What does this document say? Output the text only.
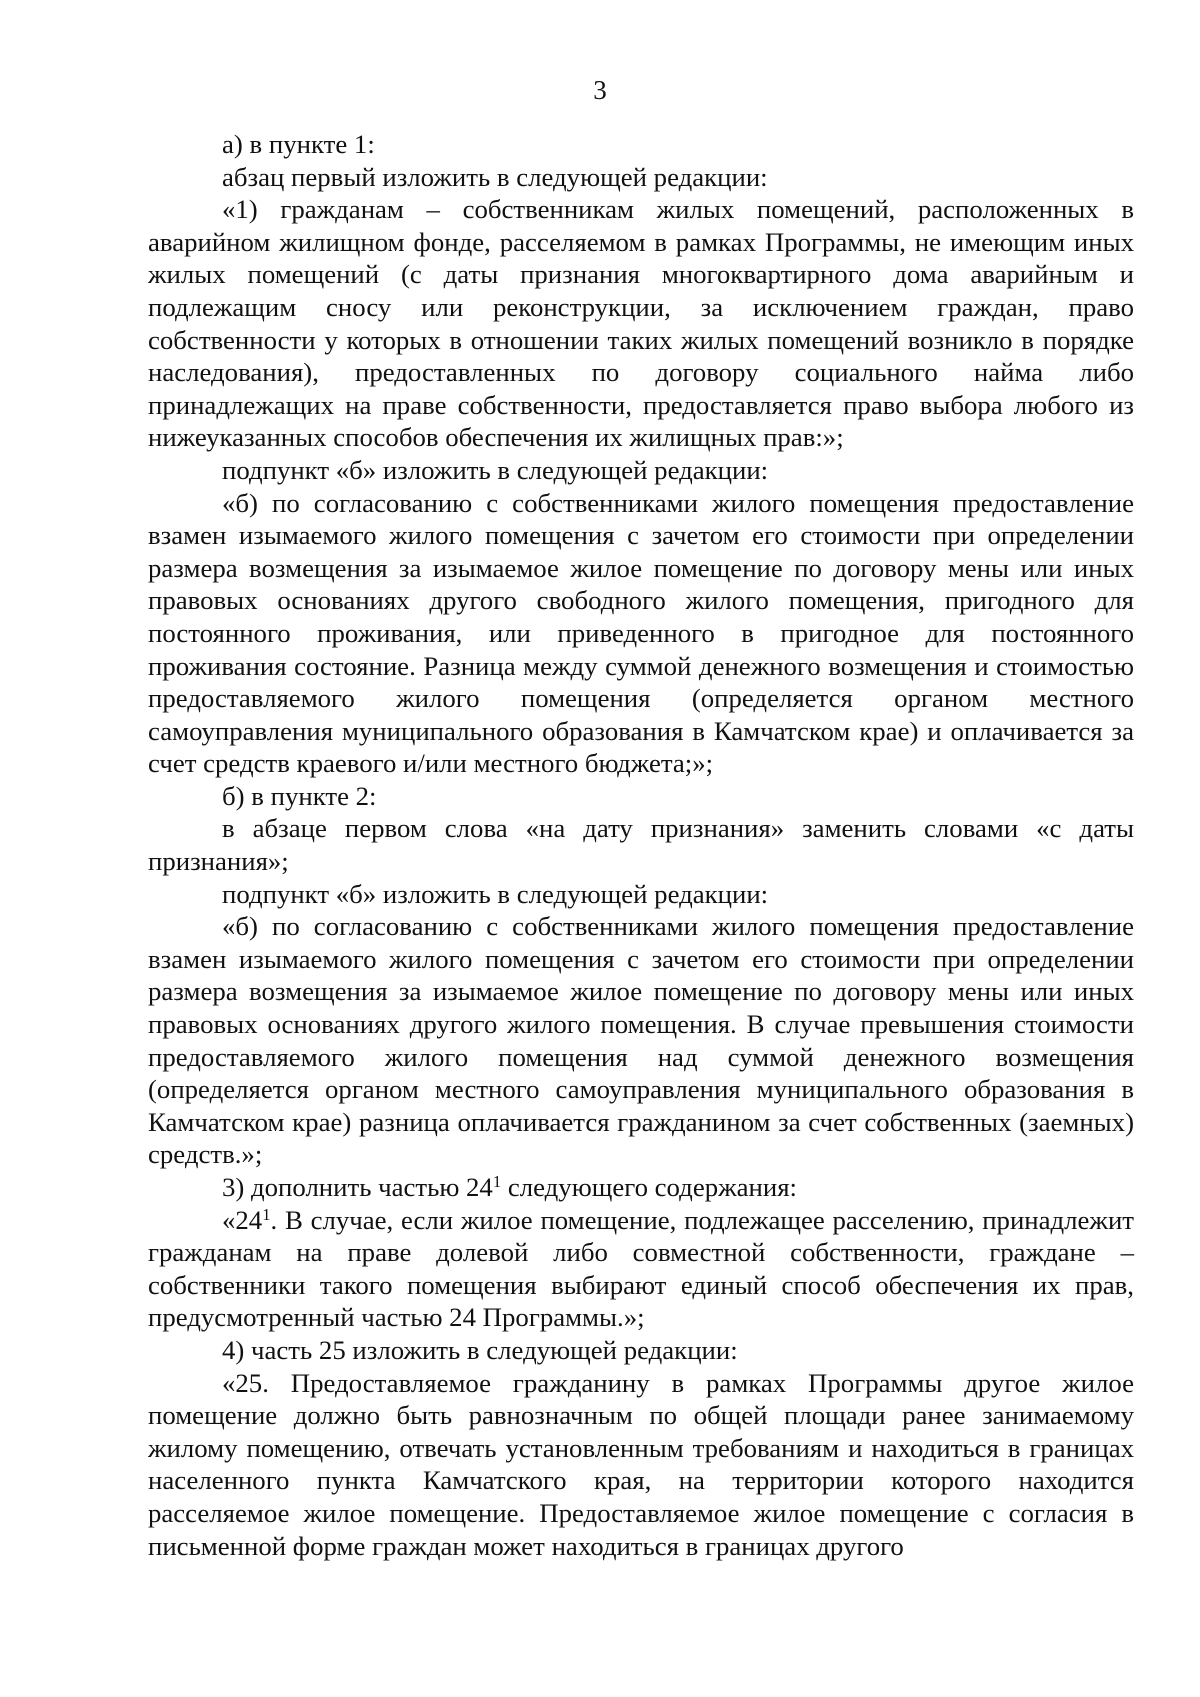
3

а) в пункте 1:

абзац первый изложить в следующей редакции:

«1) гражданам – собственникам жилых помещений, расположенных в аварийном жилищном фонде, расселяемом в рамках Программы, не имеющим иных жилых помещений (с даты признания многоквартирного дома аварийным и подлежащим сносу или реконструкции, за исключением граждан, право собственности у которых в отношении таких жилых помещений возникло в порядке наследования), предоставленных по договору социального найма либо принадлежащих на праве собственности, предоставляется право выбора любого из нижеуказанных способов обеспечения их жилищных прав:»;

подпункт «б» изложить в следующей редакции:

«б) по согласованию с собственниками жилого помещения предоставление взамен изымаемого жилого помещения с зачетом его стоимости при определении размера возмещения за изымаемое жилое помещение по договору мены или иных правовых основаниях другого свободного жилого помещения, пригодного для постоянного проживания, или приведенного в пригодное для постоянного проживания состояние. Разница между суммой денежного возмещения и стоимостью предоставляемого жилого помещения (определяется органом местного самоуправления муниципального образования в Камчатском крае) и оплачивается за счет средств краевого и/или местного бюджета;»;

б) в пункте 2:

в абзаце первом слова «на дату признания» заменить словами «с даты признания»;

подпункт «б» изложить в следующей редакции:

«б) по согласованию с собственниками жилого помещения предоставление взамен изымаемого жилого помещения с зачетом его стоимости при определении размера возмещения за изымаемое жилое помещение по договору мены или иных правовых основаниях другого жилого помещения. В случае превышения стоимости предоставляемого жилого помещения над суммой денежного возмещения (определяется органом местного самоуправления муниципального образования в Камчатском крае) разница оплачивается гражданином за счет собственных (заемных) средств.»;

3) дополнить частью $24^1$ следующего содержания:

«$24^1$. В случае, если жилое помещение, подлежащее расселению, принадлежит гражданам на праве долевой либо совместной собственности, граждане – собственники такого помещения выбирают единый способ обеспечения их прав, предусмотренный частью 24 Программы.»;

4) часть 25 изложить в следующей редакции:

«25. Предоставляемое гражданину в рамках Программы другое жилое помещение должно быть равнозначным по общей площади ранее занимаемому жилому помещению, отвечать установленным требованиям и находиться в границах населенного пункта Камчатского края, на территории которого находится расселяемое жилое помещение. Предоставляемое жилое помещение с согласия в письменной форме граждан может находиться в границах другого
